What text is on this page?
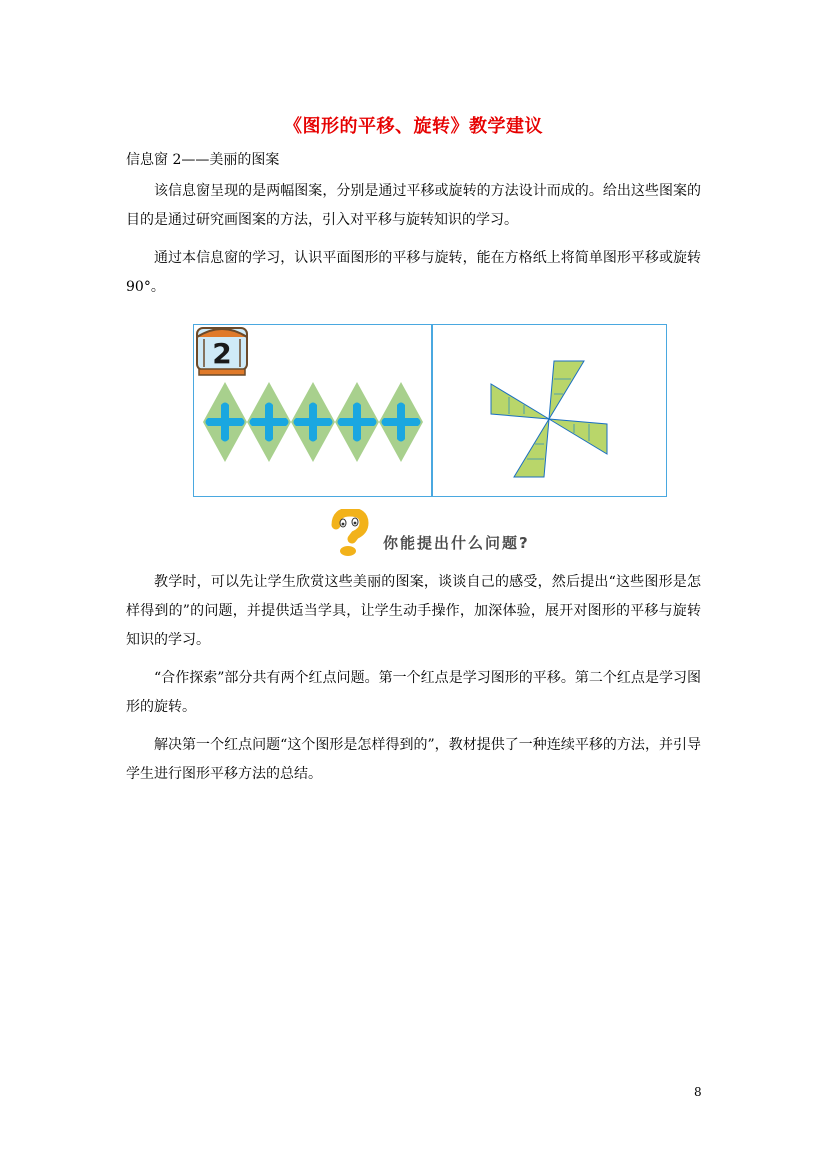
《图形的平移、旋转》教学建议
信息窗 2——美丽的图案
该信息窗呈现的是两幅图案，分别是通过平移或旋转的方法设计而成的。给出这些图案的目的是通过研究画图案的方法，引入对平移与旋转知识的学习。
通过本信息窗的学习，认识平面图形的平移与旋转，能在方格纸上将简单图形平移或旋转 90°。
2
你能提出什么问题?
教学时，可以先让学生欣赏这些美丽的图案，谈谈自己的感受，然后提出“这些图形是怎样得到的”的问题，并提供适当学具，让学生动手操作，加深体验，展开对图形的平移与旋转知识的学习。
“合作探索”部分共有两个红点问题。第一个红点是学习图形的平移。第二个红点是学习图形的旋转。
解决第一个红点问题“这个图形是怎样得到的”，教材提供了一种连续平移的方法，并引导学生进行图形平移方法的总结。
8
